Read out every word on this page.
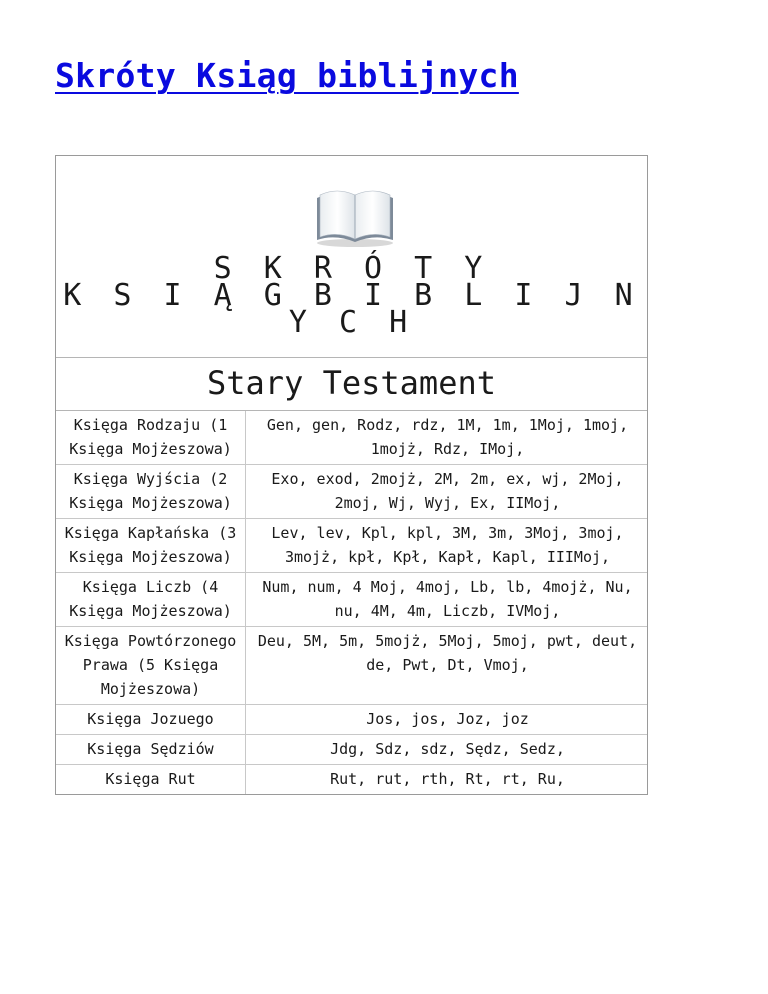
Skróty Ksiąg biblijnych
S K R Ó T Y
K S I Ą G B I B L I J N
Y C H
Stary Testament
Księga Rodzaju (1 Księga Mojżeszowa)	Gen, gen, Rodz, rdz, 1M, 1m, 1Moj, 1moj, 1mojż, Rdz, IMoj,
Księga Wyjścia (2 Księga Mojżeszowa)	Exo, exod, 2mojż, 2M, 2m, ex, wj, 2Moj, 2moj, Wj, Wyj, Ex, IIMoj,
Księga Kapłańska (3 Księga Mojżeszowa)	Lev, lev, Kpl, kpl, 3M, 3m, 3Moj, 3moj, 3mojż, kpł, Kpł, Kapł, Kapl, IIIMoj,
Księga Liczb (4 Księga Mojżeszowa)	Num, num, 4 Moj, 4moj, Lb, lb, 4mojż, Nu, nu, 4M, 4m, Liczb, IVMoj,
Księga Powtórzonego Prawa (5 Księga Mojżeszowa)	Deu, 5M, 5m, 5mojż, 5Moj, 5moj, pwt, deut, de, Pwt, Dt, Vmoj,
Księga Jozuego	Jos, jos, Joz, joz
Księga Sędziów	Jdg, Sdz, sdz, Sędz, Sedz,
Księga Rut	Rut, rut, rth, Rt, rt, Ru,
